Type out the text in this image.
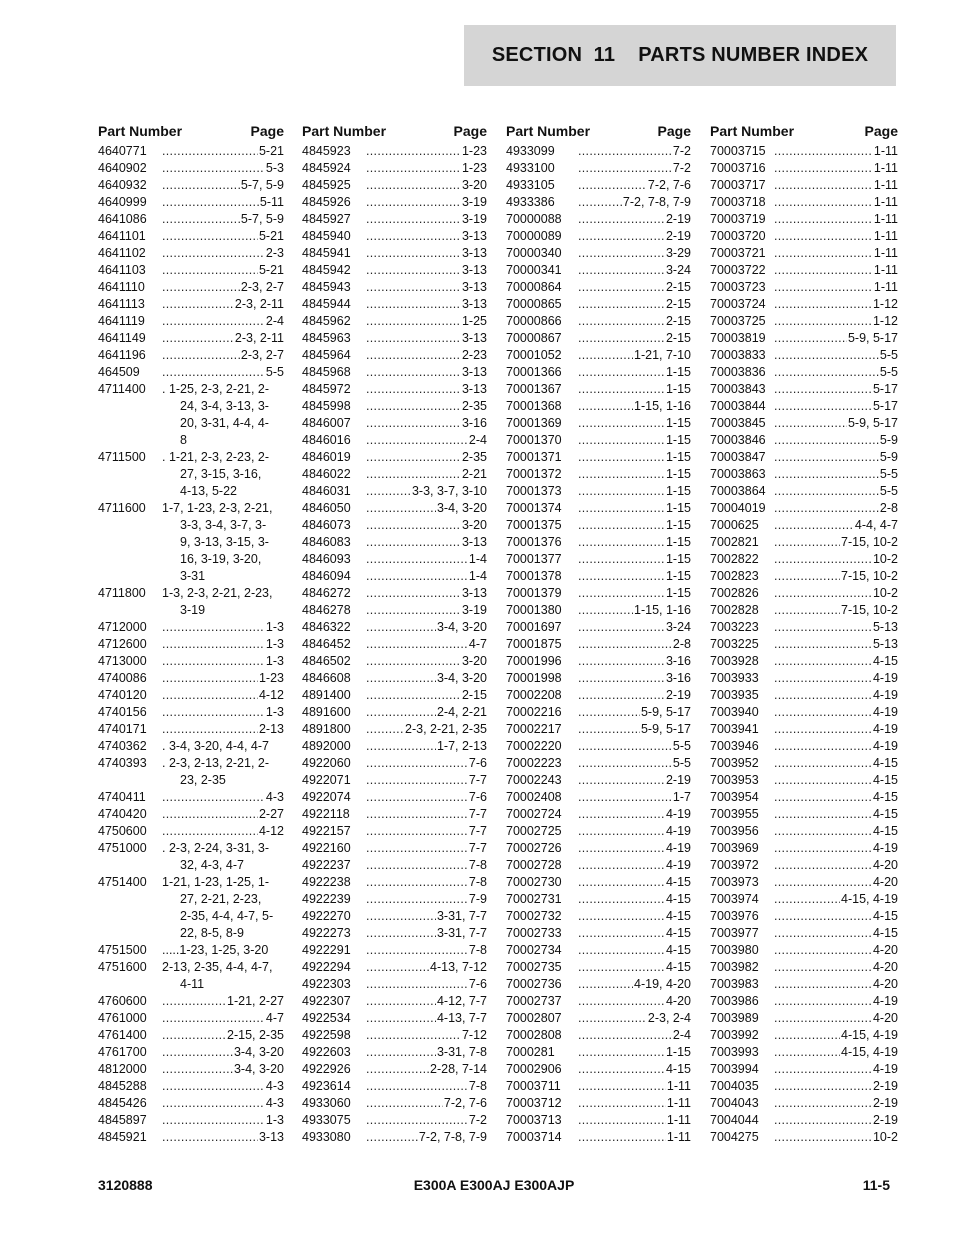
SECTION  11
PARTS NUMBER INDEX
Part Number	Page
4640771 .....	5-21
4640902 .....	5-3
4640932 .....	5-7, 5-9
4640999 .....	5-11
4641086 .....	5-7, 5-9
4641101 .....	5-21
4641102 .....	2-3
4641103 .....	5-21
4641110 .....	2-3, 2-7
4641113 .....	2-3, 2-11
4641119 .....	2-4
4641149 .....	2-3, 2-11
4641196 .....	2-3, 2-7
464509 .....	5-5
4711400	. 1-25, 2-3, 2-21, 2-
24, 3-4, 3-13, 3-
20, 3-31, 4-4, 4-
8
4711500	. 1-21, 2-3, 2-23, 2-
27, 3-15, 3-16,
4-13, 5-22
4711600	1-7, 1-23, 2-3, 2-21,
3-3, 3-4, 3-7, 3-
9, 3-13, 3-15, 3-
16, 3-19, 3-20,
3-31
4711800	1-3, 2-3, 2-21, 2-23,
3-19
4712000 .....	1-3
4712600 .....	1-3
4713000 .....	1-3
4740086 .....	1-23
4740120 .....	4-12
4740156 .....	1-3
4740171 .....	2-13
4740362	. 3-4, 3-20, 4-4, 4-7
4740393	. 2-3, 2-13, 2-21, 2-
23, 2-35
4740411 .....	4-3
4740420 .....	2-27
4750600 .....	4-12
4751000	. 2-3, 2-24, 3-31, 3-
32, 4-3, 4-7
4751400	1-21, 1-23, 1-25, 1-
27, 2-21, 2-23,
2-35, 4-4, 4-7, 5-
22, 8-5, 8-9
4751500	.....1-23, 1-25, 3-20
4751600	2-13, 2-35, 4-4, 4-7,
4-11
4760600 .....	1-21, 2-27
4761000 .....	4-7
4761400 .....	2-15, 2-35
4761700 .....	3-4, 3-20
4812000 .....	3-4, 3-20
4845288 .....	4-3
4845426 .....	4-3
4845897 .....	1-3
4845921 .....	3-13
Part Number	Page
4845923 .....	1-23
4845924 .....	1-23
4845925 .....	3-20
4845926 .....	3-19
4845927 .....	3-19
4845940 .....	3-13
4845941 .....	3-13
4845942 .....	3-13
4845943 .....	3-13
4845944 .....	3-13
4845962 .....	1-25
4845963 .....	3-13
4845964 .....	2-23
4845968 .....	3-13
4845972 .....	3-13
4845998 .....	2-35
4846007 .....	3-16
4846016 .....	2-4
4846019 .....	2-35
4846022 .....	2-21
4846031 .....	3-3, 3-7, 3-10
4846050 .....	3-4, 3-20
4846073 .....	3-20
4846083 .....	3-13
4846093 .....	1-4
4846094 .....	1-4
4846272 .....	3-13
4846278 .....	3-19
4846322 .....	3-4, 3-20
4846452 .....	4-7
4846502 .....	3-20
4846608 .....	3-4, 3-20
4891400 .....	2-15
4891600 .....	2-4, 2-21
4891800 .....	2-3, 2-21, 2-35
4892000 .....	1-7, 2-13
4922060 .....	7-6
4922071 .....	7-7
4922074 .....	7-6
4922118 .....	7-7
4922157 .....	7-7
4922160 .....	7-7
4922237 .....	7-8
4922238 .....	7-8
4922239 .....	7-9
4922270 .....	3-31, 7-7
4922273 .....	3-31, 7-7
4922291 .....	7-8
4922294 .....	4-13, 7-12
4922303 .....	7-6
4922307 .....	4-12, 7-7
4922534 .....	4-13, 7-7
4922598 .....	7-12
4922603 .....	3-31, 7-8
4922926 .....	2-28, 7-14
4923614 .....	7-8
4933060 .....	7-2, 7-6
4933075 .....	7-2
4933080 .....	7-2, 7-8, 7-9
Part Number	Page
4933099 .....	7-2
4933100 .....	7-2
4933105 .....	7-2, 7-6
4933386 .....	7-2, 7-8, 7-9
70000088 .....	2-19
70000089 .....	2-19
70000340 .....	3-29
70000341 .....	3-24
70000864 .....	2-15
70000865 .....	2-15
70000866 .....	2-15
70000867 .....	2-15
70001052 .....	1-21, 7-10
70001366 .....	1-15
70001367 .....	1-15
70001368 .....	1-15, 1-16
70001369 .....	1-15
70001370 .....	1-15
70001371 .....	1-15
70001372 .....	1-15
70001373 .....	1-15
70001374 .....	1-15
70001375 .....	1-15
70001376 .....	1-15
70001377 .....	1-15
70001378 .....	1-15
70001379 .....	1-15
70001380 .....	1-15, 1-16
70001697 .....	3-24
70001875 .....	2-8
70001996 .....	3-16
70001998 .....	3-16
70002208 .....	2-19
70002216 .....	5-9, 5-17
70002217 .....	5-9, 5-17
70002220 .....	5-5
70002223 .....	5-5
70002243 .....	2-19
70002408 .....	1-7
70002724 .....	4-19
70002725 .....	4-19
70002726 .....	4-19
70002728 .....	4-19
70002730 .....	4-15
70002731 .....	4-15
70002732 .....	4-15
70002733 .....	4-15
70002734 .....	4-15
70002735 .....	4-15
70002736 .....	4-19, 4-20
70002737 .....	4-20
70002807 .....	2-3, 2-4
70002808 .....	2-4
7000281 .....	1-15
70002906 .....	4-15
70003711 .....	1-11
70003712 .....	1-11
70003713 .....	1-11
70003714 .....	1-11
Part Number	Page
70003715 .....	1-11
70003716 .....	1-11
70003717 .....	1-11
70003718 .....	1-11
70003719 .....	1-11
70003720 .....	1-11
70003721 .....	1-11
70003722 .....	1-11
70003723 .....	1-11
70003724 .....	1-12
70003725 .....	1-12
70003819 .....	5-9, 5-17
70003833 .....	5-5
70003836 .....	5-5
70003843 .....	5-17
70003844 .....	5-17
70003845 .....	5-9, 5-17
70003846 .....	5-9
70003847 .....	5-9
70003863 .....	5-5
70003864 .....	5-5
70004019 .....	2-8
7000625 .....	4-4, 4-7
7002821 .....	7-15, 10-2
7002822 .....	10-2
7002823 .....	7-15, 10-2
7002826 .....	10-2
7002828 .....	7-15, 10-2
7003223 .....	5-13
7003225 .....	5-13
7003928 .....	4-15
7003933 .....	4-19
7003935 .....	4-19
7003940 .....	4-19
7003941 .....	4-19
7003946 .....	4-19
7003952 .....	4-15
7003953 .....	4-15
7003954 .....	4-15
7003955 .....	4-15
7003956 .....	4-15
7003969 .....	4-19
7003972 .....	4-20
7003973 .....	4-20
7003974 .....	4-15, 4-19
7003976 .....	4-15
7003977 .....	4-15
7003980 .....	4-20
7003982 .....	4-20
7003983 .....	4-20
7003986 .....	4-19
7003989 .....	4-20
7003992 .....	4-15, 4-19
7003993 .....	4-15, 4-19
7003994 .....	4-19
7004035 .....	2-19
7004043 .....	2-19
7004044 .....	2-19
7004275 .....	10-2
3120888	E300A E300AJ E300AJP	11-5
